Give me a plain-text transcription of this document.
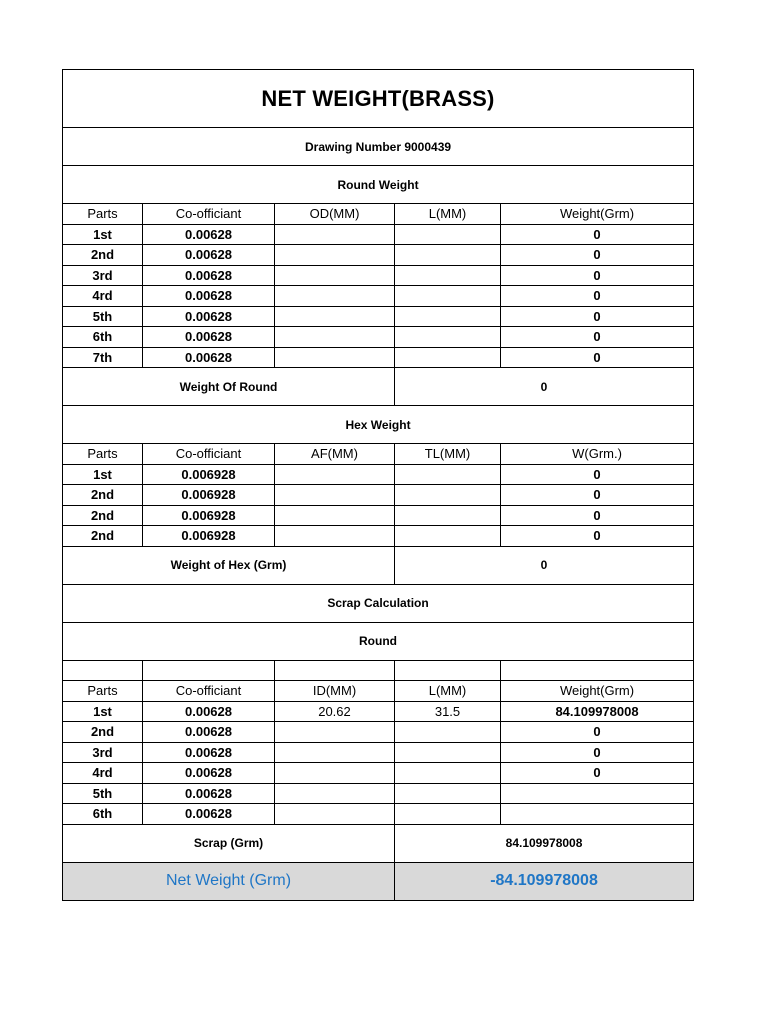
NET WEIGHT(BRASS)				
Drawing Number 9000439				
Round Weight				
Parts	Co-officiant	OD(MM)	L(MM)	Weight(Grm)
1st	0.00628			0
2nd	0.00628			0
3rd	0.00628			0
4rd	0.00628			0
5th	0.00628			0
6th	0.00628			0
7th	0.00628			0
Weight Of Round			0	
Hex Weight				
Parts	Co-officiant	AF(MM)	TL(MM)	W(Grm.)
1st	0.006928			0
2nd	0.006928			0
2nd	0.006928			0
2nd	0.006928			0
Weight of Hex (Grm)			0	
Scrap Calculation				
Round				

Parts	Co-officiant	ID(MM)	L(MM)	Weight(Grm)
1st	0.00628	20.62	31.5	84.109978008
2nd	0.00628			0
3rd	0.00628			0
4rd	0.00628			0
5th	0.00628			
6th	0.00628			
Scrap (Grm)			84.109978008	
Net Weight (Grm)			-84.109978008	
